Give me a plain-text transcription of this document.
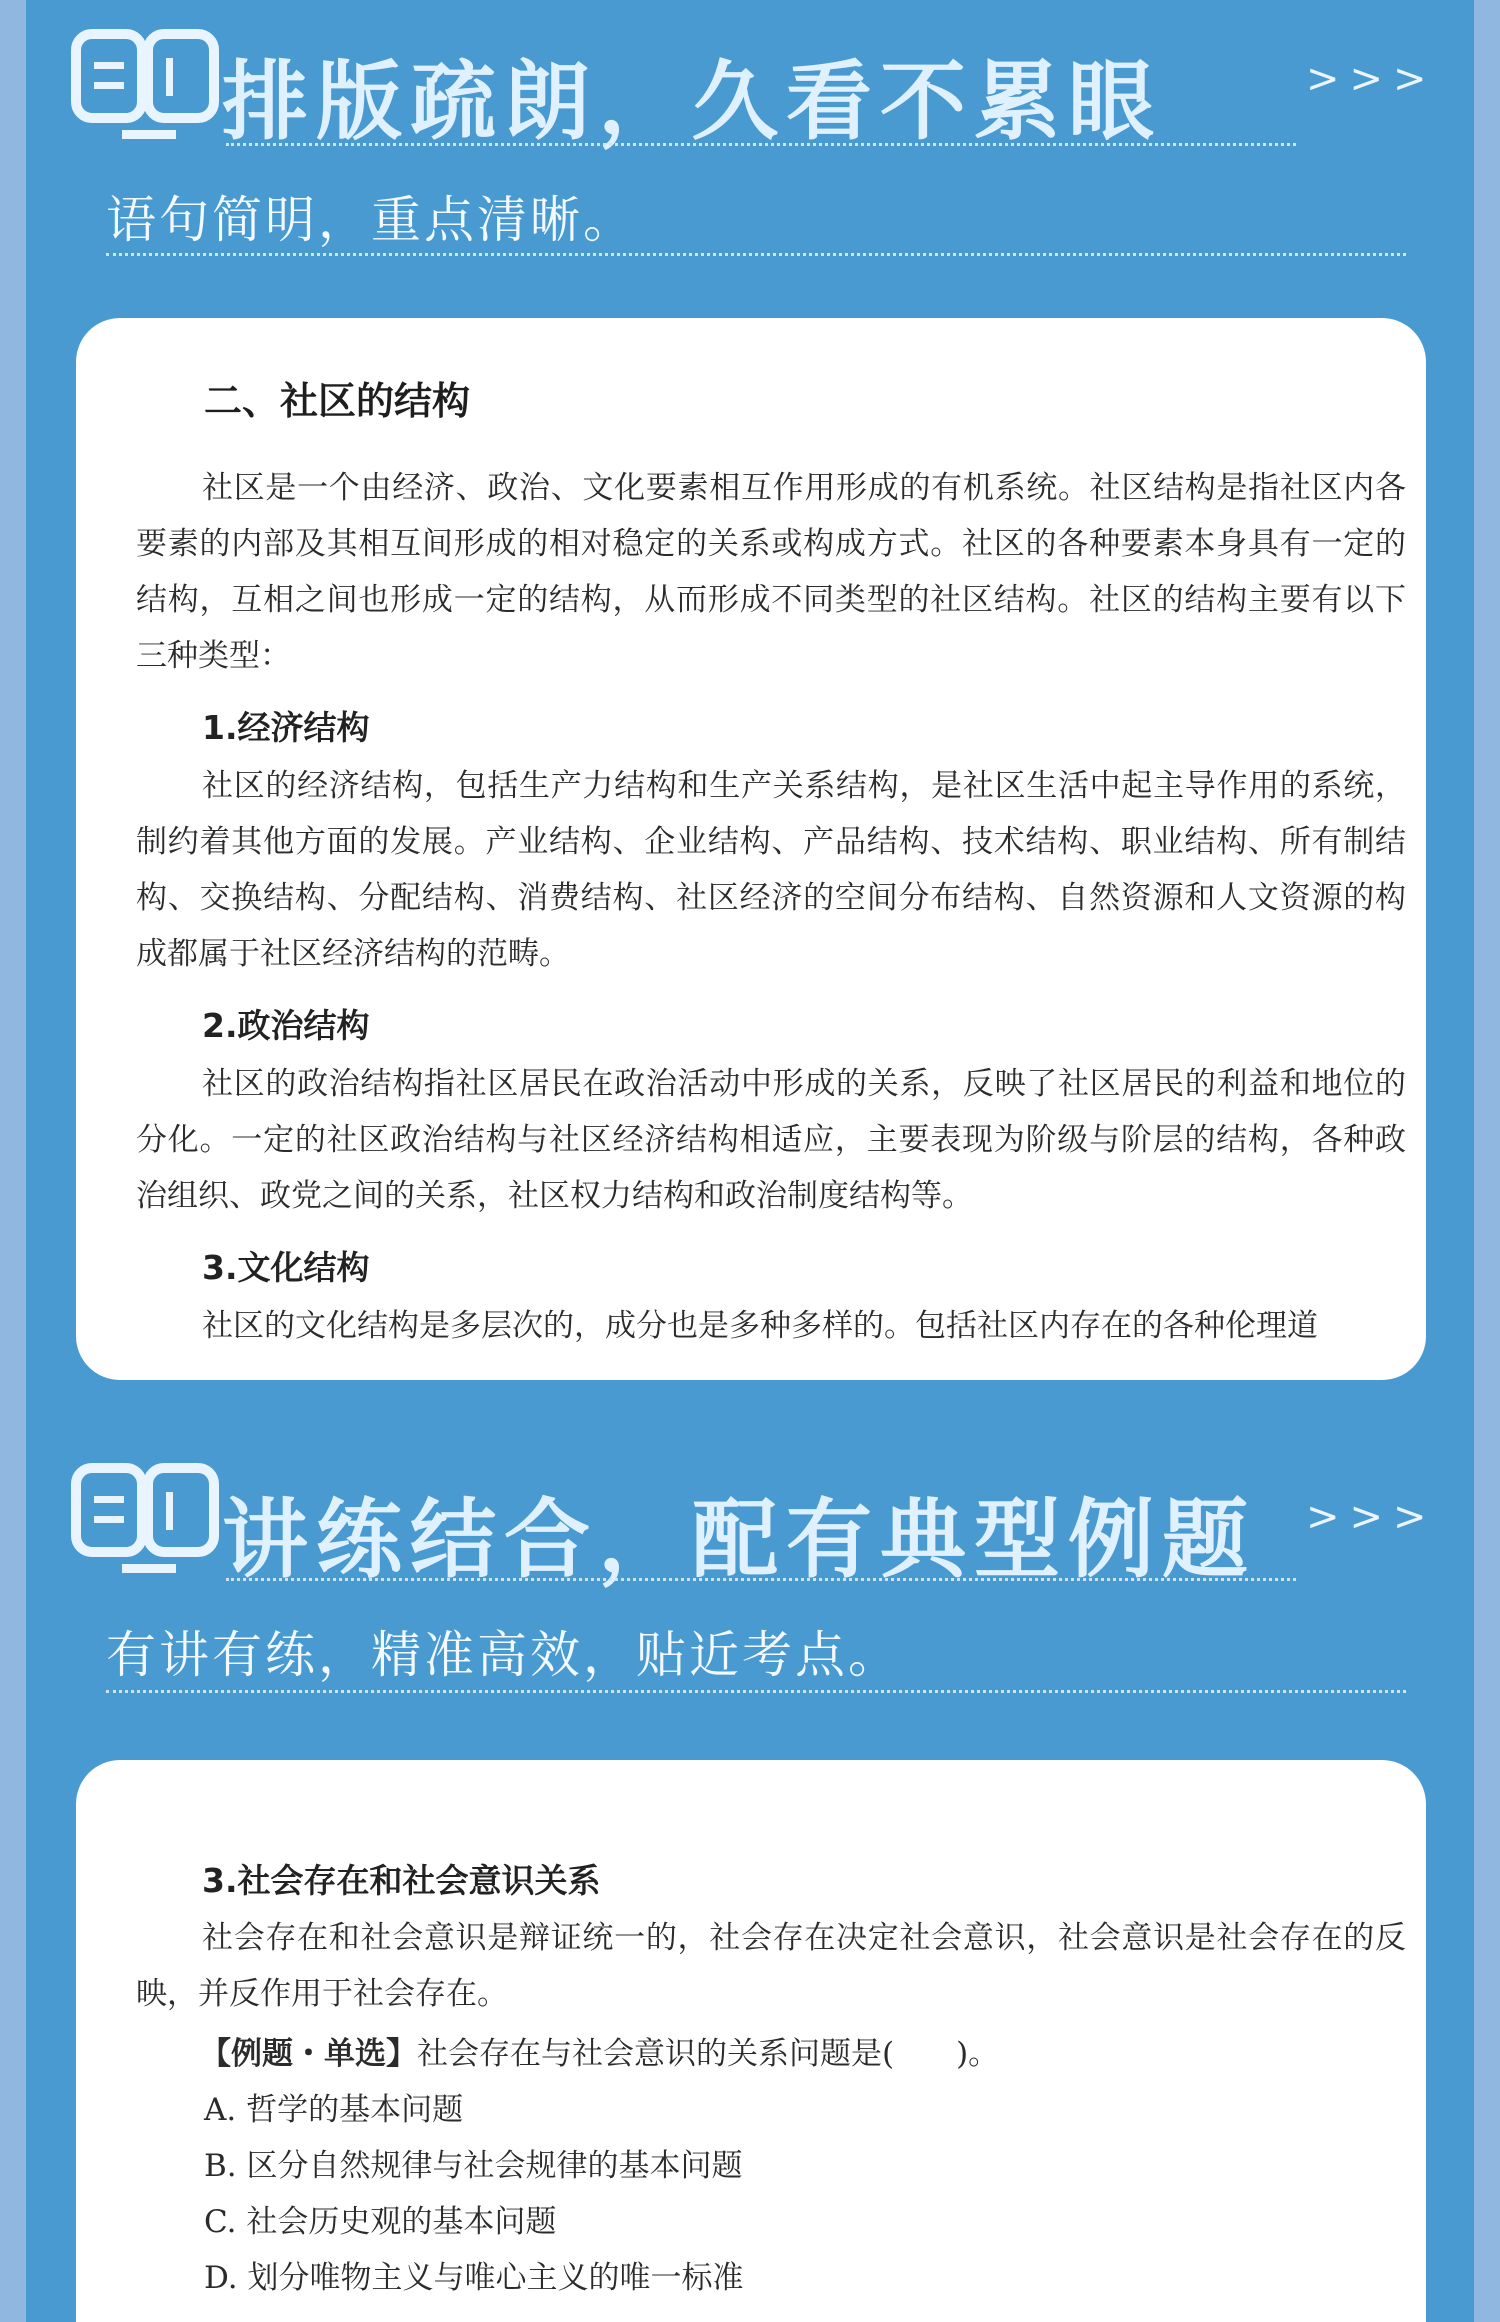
排版疏朗，久看不累眼	>>>
语句简明，重点清晰。
二、社区的结构
社区是一个由经济、政治、文化要素相互作用形成的有机系统。社区结构是指社区内各要素的内部及其相互间形成的相对稳定的关系或构成方式。社区的各种要素本身具有一定的结构，互相之间也形成一定的结构，从而形成不同类型的社区结构。社区的结构主要有以下三种类型：
1.经济结构
社区的经济结构，包括生产力结构和生产关系结构，是社区生活中起主导作用的系统，制约着其他方面的发展。产业结构、企业结构、产品结构、技术结构、职业结构、所有制结构、交换结构、分配结构、消费结构、社区经济的空间分布结构、自然资源和人文资源的构成都属于社区经济结构的范畴。
2.政治结构
社区的政治结构指社区居民在政治活动中形成的关系，反映了社区居民的利益和地位的分化。一定的社区政治结构与社区经济结构相适应，主要表现为阶级与阶层的结构，各种政治组织、政党之间的关系，社区权力结构和政治制度结构等。
3.文化结构
社区的文化结构是多层次的，成分也是多种多样的。包括社区内存在的各种伦理道
讲练结合，配有典型例题 >>>
有讲有练，精准高效，贴近考点。
3.社会存在和社会意识关系
社会存在和社会意识是辩证统一的，社会存在决定社会意识，社会意识是社会存在的反映，并反作用于社会存在。
【例题・单选】社会存在与社会意识的关系问题是(　　)。
A. 哲学的基本问题
B. 区分自然规律与社会规律的基本问题
C. 社会历史观的基本问题
D. 划分唯物主义与唯心主义的唯一标准
